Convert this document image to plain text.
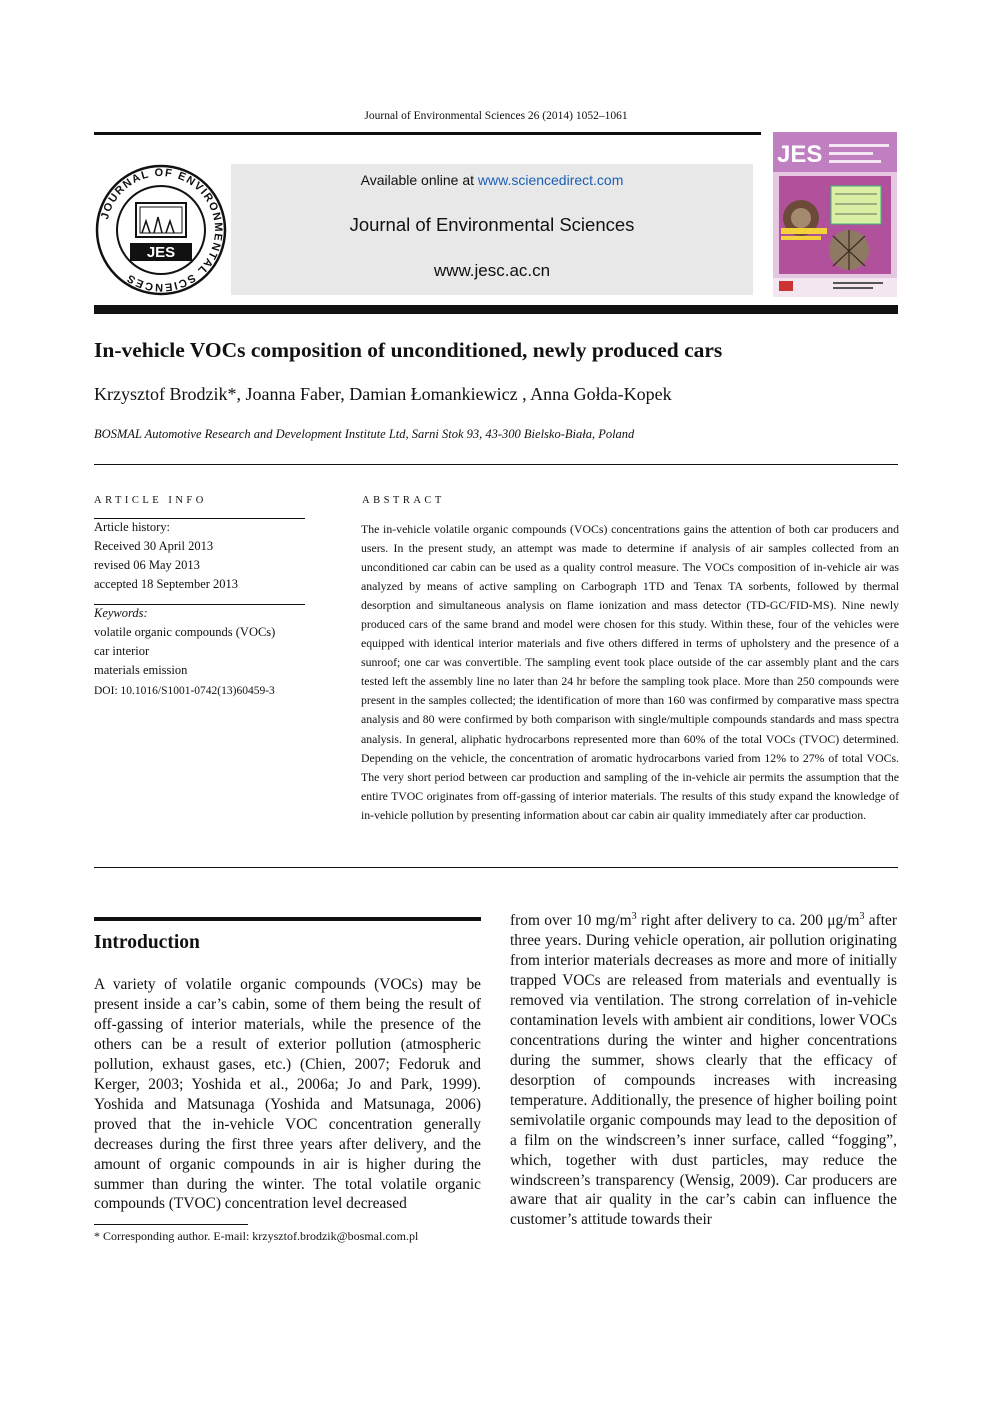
Journal of Environmental Sciences 26 (2014) 1052–1061
JOURNAL OF ENVIRONMENTAL SCIENCES
JES
Available online at www.sciencedirect.com
Journal of Environmental Sciences
www.jesc.ac.cn
JES
In-vehicle VOCs composition of unconditioned, newly produced cars
Krzysztof Brodzik*, Joanna Faber, Damian Łomankiewicz , Anna Gołda-Kopek
BOSMAL Automotive Research and Development Institute Ltd, Sarni Stok 93, 43-300 Bielsko-Biała, Poland
ARTICLE INFO
Article history:
Received 30 April 2013
revised 06 May 2013
accepted 18 September 2013
Keywords:
volatile organic compounds (VOCs)
car interior
materials emission
DOI: 10.1016/S1001-0742(13)60459-3
ABSTRACT
The in-vehicle volatile organic compounds (VOCs) concentrations gains the attention of both car producers and users. In the present study, an attempt was made to determine if analysis of air samples collected from an unconditioned car cabin can be used as a quality control measure. The VOCs composition of in-vehicle air was analyzed by means of active sampling on Carbograph 1TD and Tenax TA sorbents, followed by thermal desorption and simultaneous analysis on flame ionization and mass detector (TD-GC/FID-MS). Nine newly produced cars of the same brand and model were chosen for this study. Within these, four of the vehicles were equipped with identical interior materials and five others differed in terms of upholstery and the presence of a sunroof; one car was convertible. The sampling event took place outside of the car assembly plant and the cars tested left the assembly line no later than 24 hr before the sampling took place. More than 250 compounds were present in the samples collected; the identification of more than 160 was confirmed by comparative mass spectra analysis and 80 were confirmed by both comparison with single/multiple compounds standards and mass spectra analysis. In general, aliphatic hydrocarbons represented more than 60% of the total VOCs (TVOC) determined. Depending on the vehicle, the concentration of aromatic hydrocarbons varied from 12% to 27% of total VOCs. The very short period between car production and sampling of the in-vehicle air permits the assumption that the entire TVOC originates from off-gassing of interior materials. The results of this study expand the knowledge of in-vehicle pollution by presenting information about car cabin air quality immediately after car production.
Introduction
A variety of volatile organic compounds (VOCs) may be present inside a car’s cabin, some of them being the result of off-gassing of interior materials, while the presence of the others can be a result of exterior pollution (atmospheric pollution, exhaust gases, etc.) (Chien, 2007; Fedoruk and Kerger, 2003; Yoshida et al., 2006a; Jo and Park, 1999). Yoshida and Matsunaga (Yoshida and Matsunaga, 2006) proved that the in-vehicle VOC concentration generally decreases during the first three years after delivery, and the amount of organic compounds in air is higher during the summer than during the winter. The total volatile organic compounds (TVOC) concentration level decreased
from over 10 $mg/m^3$ right after delivery to ca. 200 $\mu g/m^3$ after three years. During vehicle operation, air pollution originating from interior materials decreases as more and more of initially trapped VOCs are released from materials and eventually is removed via ventilation. The strong correlation of in-vehicle contamination levels with ambient air conditions, lower VOCs concentrations during the winter and higher concentrations during the summer, shows clearly that the efficacy of desorption of compounds increases with increasing temperature. Additionally, the presence of higher boiling point semivolatile organic compounds may lead to the deposition of a film on the windscreen’s inner surface, called “fogging”, which, together with dust particles, may reduce the windscreen’s transparency (Wensig, 2009). Car producers are aware that air quality in the car’s cabin can influence the customer’s attitude towards their
* Corresponding author. E-mail: krzysztof.brodzik@bosmal.com.pl
